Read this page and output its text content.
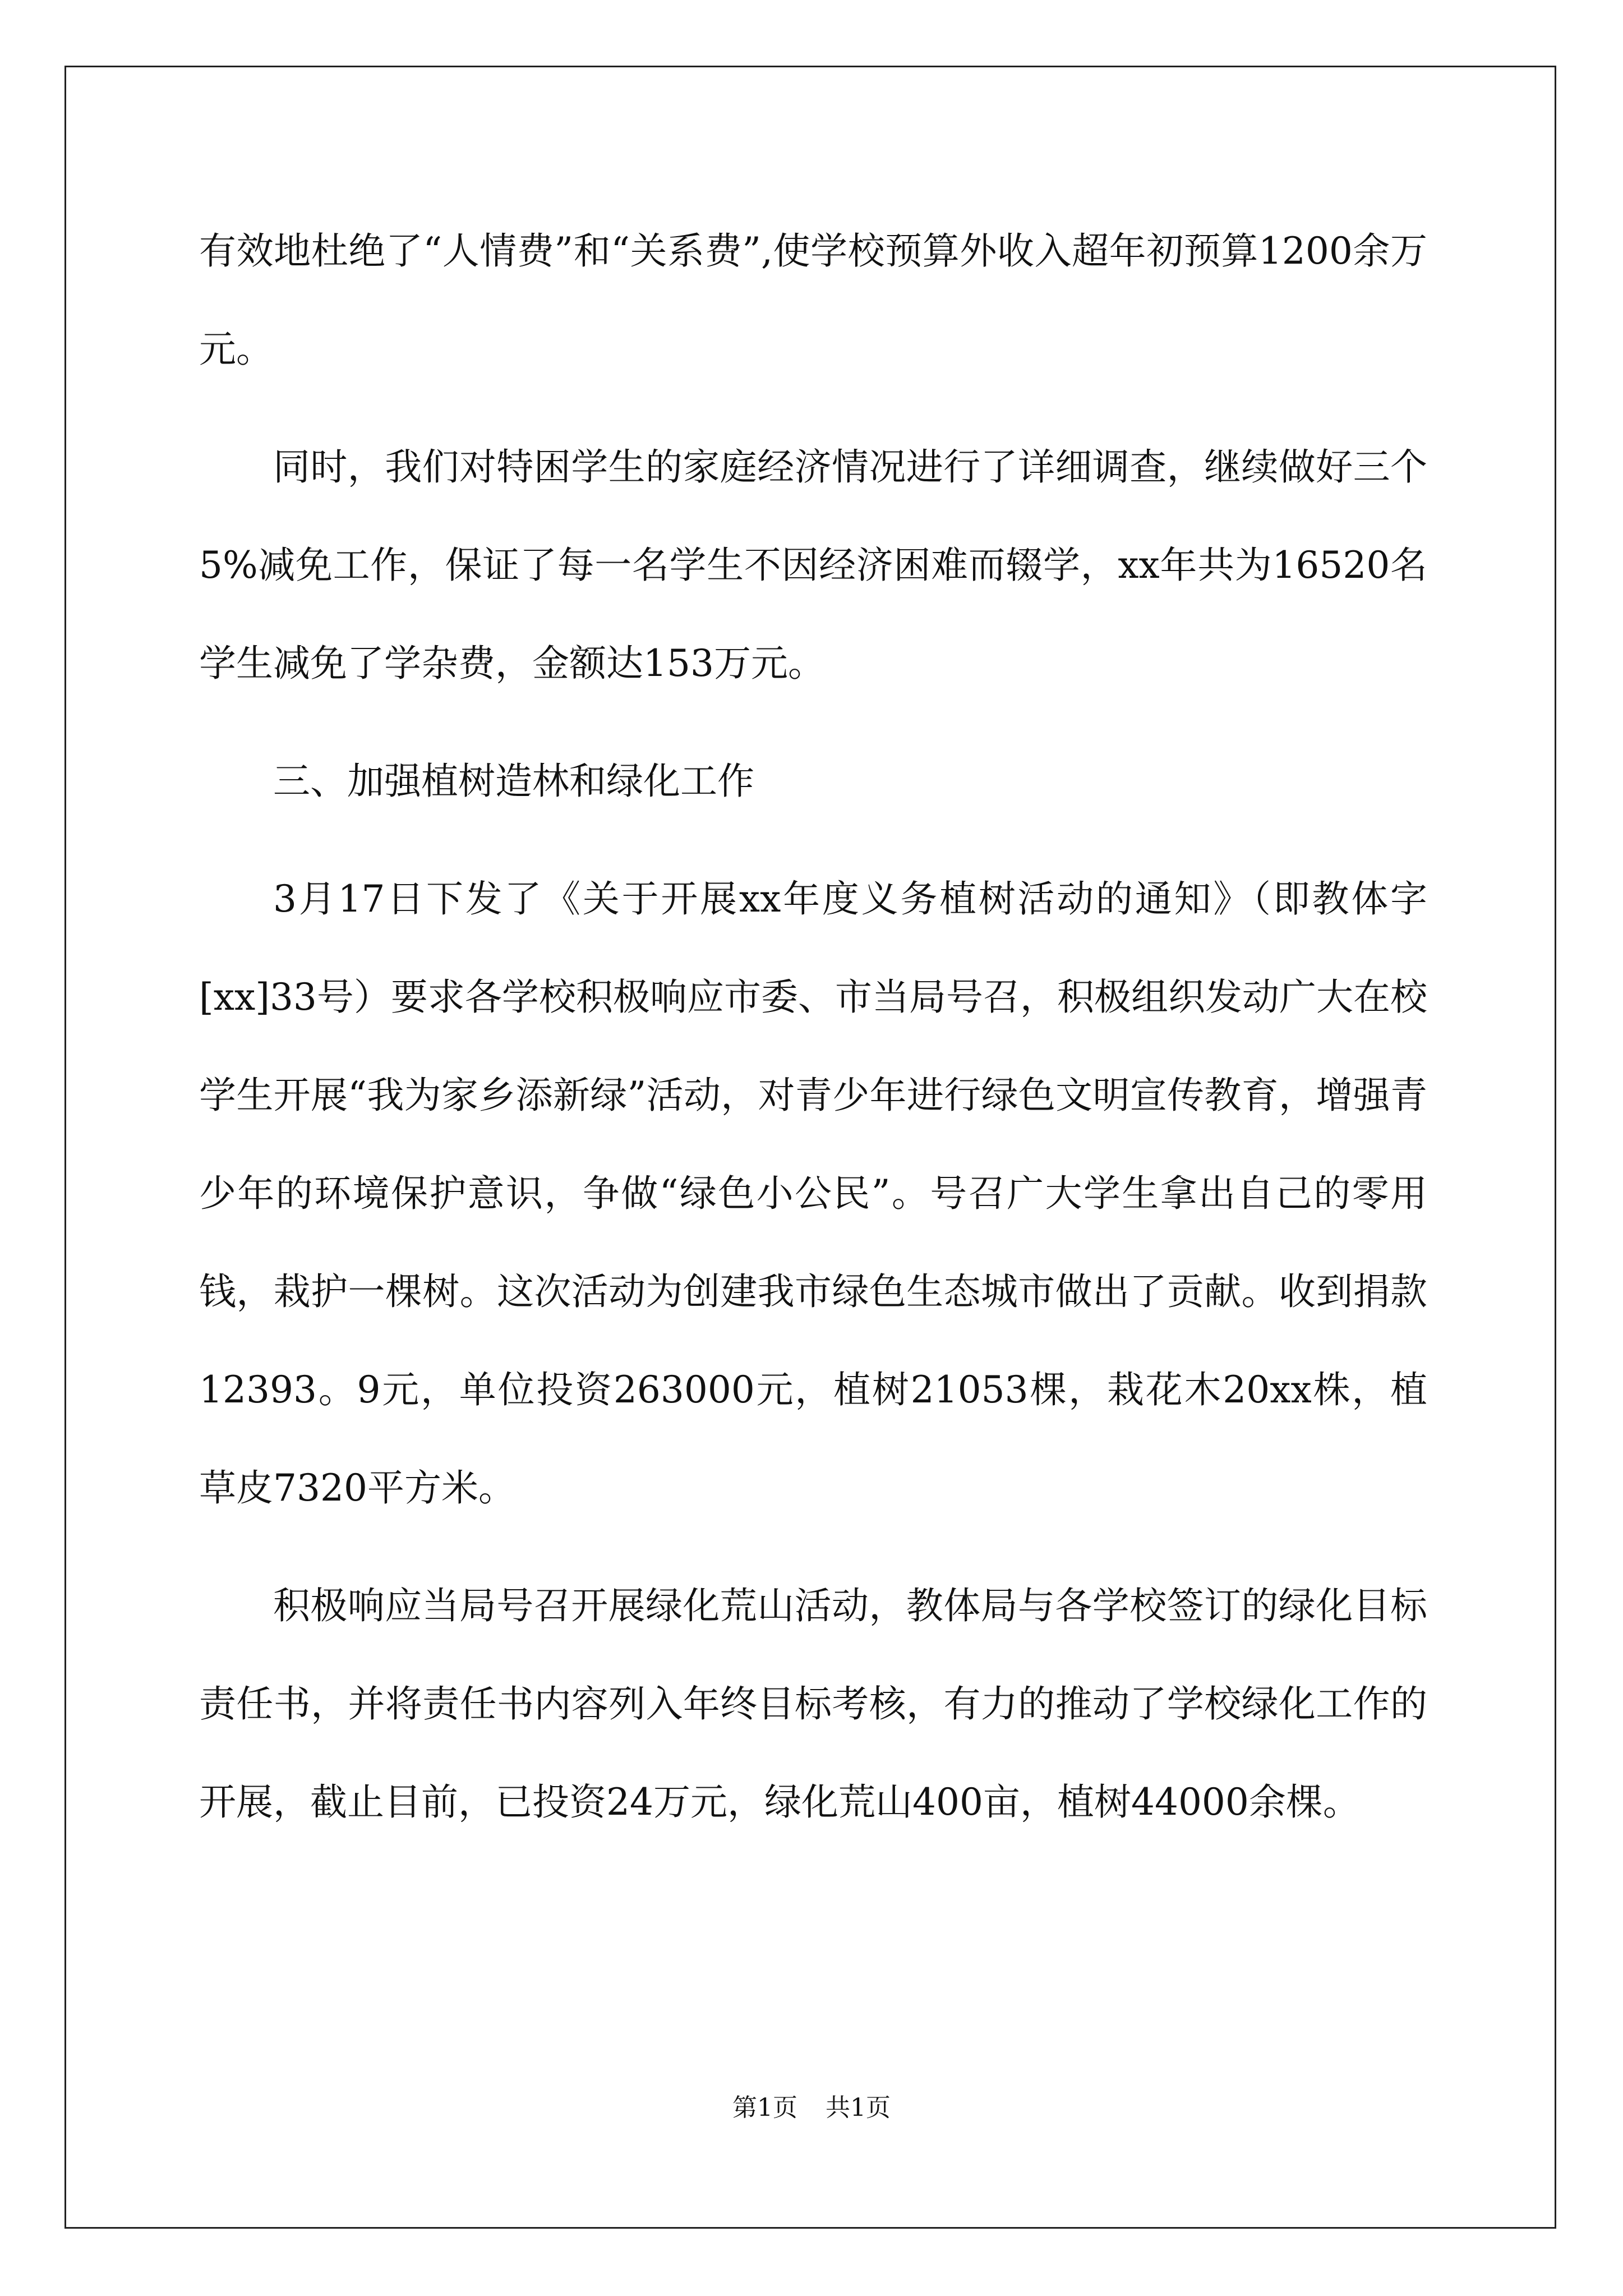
有效地杜绝了“人情费”和“关系费”,使学校预算外收入超年初预算1200余万元。

同时，我们对特困学生的家庭经济情况进行了详细调查，继续做好三个5%减免工作，保证了每一名学生不因经济困难而辍学，xx年共为16520名学生减免了学杂费，金额达153万元。

三、加强植树造林和绿化工作

3月17日下发了《关于开展xx年度义务植树活动的通知》（即教体字[xx]33号）要求各学校积极响应市委、市当局号召，积极组织发动广大在校学生开展“我为家乡添新绿”活动，对青少年进行绿色文明宣传教育，增强青少年的环境保护意识，争做“绿色小公民”。号召广大学生拿出自己的零用钱，栽护一棵树。这次活动为创建我市绿色生态城市做出了贡献。收到捐款12393。9元，单位投资263000元，植树21053棵，栽花木20xx株，植草皮7320平方米。

积极响应当局号召开展绿化荒山活动，教体局与各学校签订的绿化目标责任书，并将责任书内容列入年终目标考核，有力的推动了学校绿化工作的开展，截止目前，已投资24万元，绿化荒山400亩，植树44000余棵。

第1页 共1页
